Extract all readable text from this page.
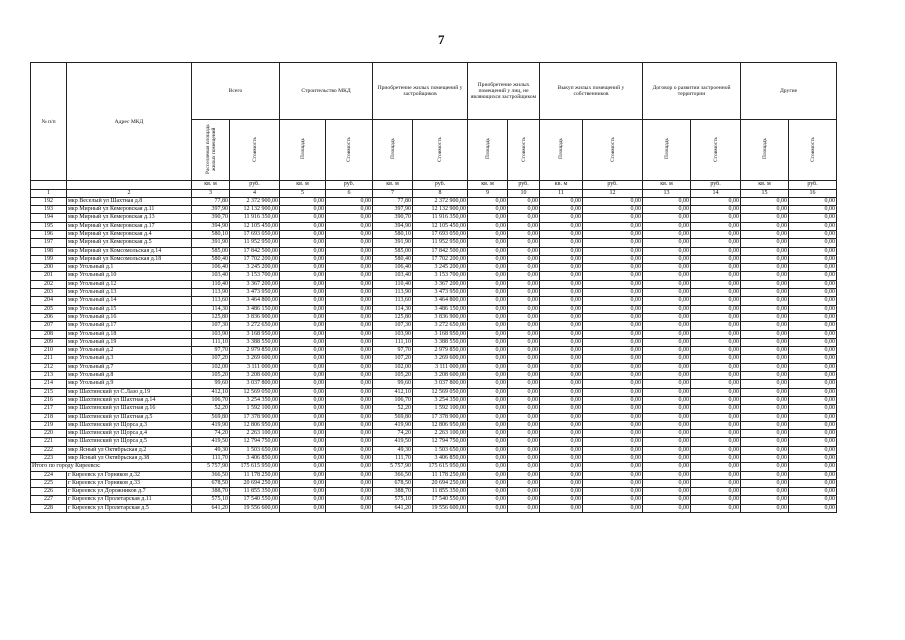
7
№ п/п	Адрес МКД	Всего		Строительство МКД		Приобретение жилых помещений у застройщиков		Приобретение жилых помещений у лиц, не являющихся застройщиком		Выкуп жилых помещений у собственников		Договор о развитии застроенной территории		Другие	
		Расселяемая площадь жилых помещений	Стоимость	Площадь	Стоимость	Площадь	Стоимость	Площадь	Стоимость	Площадь	Стоимость	Площадь	Стоимость	Площадь	Стоимость
		кв. м	руб.	кв. м	руб.	кв. м	руб.	кв. м	руб.	кв. м	руб.	кв. м	руб.	кв. м	руб.
1	2	3	4	5	6	7	8	9	10	11	12	13	14	15	16
192	мкр Веселый ул Шахтная д.8	77,80	2 372 900,00	0,00	0,00	77,80	2 372 900,00	0,00	0,00	0,00	0,00	0,00	0,00	0,00	0,00
193	мкр Мирный ул Кемеровская д.11	397,90	12 132 900,00	0,00	0,00	397,90	12 132 900,00	0,00	0,00	0,00	0,00	0,00	0,00	0,00	0,00
194	мкр Мирный ул Кемеровская д.13	390,70	11 916 350,00	0,00	0,00	390,70	11 916 350,00	0,00	0,00	0,00	0,00	0,00	0,00	0,00	0,00
195	мкр Мирный ул Кемеровская д.17	394,90	12 105 450,00	0,00	0,00	394,90	12 105 450,00	0,00	0,00	0,00	0,00	0,00	0,00	0,00	0,00
196	мкр Мирный ул Кемеровская д.4	580,10	17 693 050,00	0,00	0,00	580,10	17 693 050,00	0,00	0,00	0,00	0,00	0,00	0,00	0,00	0,00
197	мкр Мирный ул Кемеровская д.5	391,90	11 952 950,00	0,00	0,00	391,90	11 952 950,00	0,00	0,00	0,00	0,00	0,00	0,00	0,00	0,00
198	мкр Мирный ул Комсомольская д.14	585,00	17 842 500,00	0,00	0,00	585,00	17 842 500,00	0,00	0,00	0,00	0,00	0,00	0,00	0,00	0,00
199	мкр Мирный ул Комсомольская д.18	580,40	17 702 200,00	0,00	0,00	580,40	17 702 200,00	0,00	0,00	0,00	0,00	0,00	0,00	0,00	0,00
200	мкр Угольный д.1	106,40	3 245 200,00	0,00	0,00	106,40	3 245 200,00	0,00	0,00	0,00	0,00	0,00	0,00	0,00	0,00
201	мкр Угольный д.10	103,40	3 153 700,00	0,00	0,00	103,40	3 153 700,00	0,00	0,00	0,00	0,00	0,00	0,00	0,00	0,00
202	мкр Угольный д.12	110,40	3 367 200,00	0,00	0,00	110,40	3 367 200,00	0,00	0,00	0,00	0,00	0,00	0,00	0,00	0,00
203	мкр Угольный д.13	113,90	3 473 950,00	0,00	0,00	113,90	3 473 950,00	0,00	0,00	0,00	0,00	0,00	0,00	0,00	0,00
204	мкр Угольный д.14	113,60	3 464 800,00	0,00	0,00	113,60	3 464 800,00	0,00	0,00	0,00	0,00	0,00	0,00	0,00	0,00
205	мкр Угольный д.15	114,30	3 486 150,00	0,00	0,00	114,30	3 486 150,00	0,00	0,00	0,00	0,00	0,00	0,00	0,00	0,00
206	мкр Угольный д.16	125,80	3 836 900,00	0,00	0,00	125,80	3 836 900,00	0,00	0,00	0,00	0,00	0,00	0,00	0,00	0,00
207	мкр Угольный д.17	107,30	3 272 650,00	0,00	0,00	107,30	3 272 650,00	0,00	0,00	0,00	0,00	0,00	0,00	0,00	0,00
208	мкр Угольный д.18	103,90	3 168 950,00	0,00	0,00	103,90	3 168 950,00	0,00	0,00	0,00	0,00	0,00	0,00	0,00	0,00
209	мкр Угольный д.19	111,10	3 388 550,00	0,00	0,00	111,10	3 388 550,00	0,00	0,00	0,00	0,00	0,00	0,00	0,00	0,00
210	мкр Угольный д.2	97,70	2 979 850,00	0,00	0,00	97,70	2 979 850,00	0,00	0,00	0,00	0,00	0,00	0,00	0,00	0,00
211	мкр Угольный д.3	107,20	3 269 600,00	0,00	0,00	107,20	3 269 600,00	0,00	0,00	0,00	0,00	0,00	0,00	0,00	0,00
212	мкр Угольный д.7	102,00	3 111 000,00	0,00	0,00	102,00	3 111 000,00	0,00	0,00	0,00	0,00	0,00	0,00	0,00	0,00
213	мкр Угольный д.8	105,20	3 208 600,00	0,00	0,00	105,20	3 208 600,00	0,00	0,00	0,00	0,00	0,00	0,00	0,00	0,00
214	мкр Угольный д.9	99,60	3 037 800,00	0,00	0,00	99,60	3 037 800,00	0,00	0,00	0,00	0,00	0,00	0,00	0,00	0,00
215	мкр Шахтинский ул С.Лазо д.19	412,10	12 569 050,00	0,00	0,00	412,10	12 569 050,00	0,00	0,00	0,00	0,00	0,00	0,00	0,00	0,00
216	мкр Шахтинский ул Шахтная д.14	106,70	3 254 350,00	0,00	0,00	106,70	3 254 350,00	0,00	0,00	0,00	0,00	0,00	0,00	0,00	0,00
217	мкр Шахтинский ул Шахтная д.16	52,20	1 592 100,00	0,00	0,00	52,20	1 592 100,00	0,00	0,00	0,00	0,00	0,00	0,00	0,00	0,00
218	мкр Шахтинский ул Шахтная д.5	569,80	17 378 900,00	0,00	0,00	569,80	17 378 900,00	0,00	0,00	0,00	0,00	0,00	0,00	0,00	0,00
219	мкр Шахтинский ул Щорса д.3	419,90	12 806 950,00	0,00	0,00	419,90	12 806 950,00	0,00	0,00	0,00	0,00	0,00	0,00	0,00	0,00
220	мкр Шахтинский ул Щорса д.4	74,20	2 263 100,00	0,00	0,00	74,20	2 263 100,00	0,00	0,00	0,00	0,00	0,00	0,00	0,00	0,00
221	мкр Шахтинский ул Щорса д.5	419,50	12 794 750,00	0,00	0,00	419,50	12 794 750,00	0,00	0,00	0,00	0,00	0,00	0,00	0,00	0,00
222	мкр Ясный ул Октябрьская д.2	49,30	1 503 650,00	0,00	0,00	49,30	1 503 650,00	0,00	0,00	0,00	0,00	0,00	0,00	0,00	0,00
223	мкр Ясный ул Октябрьская д.38	111,70	3 406 850,00	0,00	0,00	111,70	3 406 850,00	0,00	0,00	0,00	0,00	0,00	0,00	0,00	0,00
Итого по городу Киреевск:		5 757,90	175 615 950,00	0,00	0,00	5 757,90	175 615 950,00	0,00	0,00	0,00	0,00	0,00	0,00	0,00	0,00
224	г Киреевск ул Горняков д.32	366,50	11 178 250,00	0,00	0,00	366,50	11 178 250,00	0,00	0,00	0,00	0,00	0,00	0,00	0,00	0,00
225	г Киреевск ул Горняков д.33	678,50	20 694 250,00	0,00	0,00	678,50	20 694 250,00	0,00	0,00	0,00	0,00	0,00	0,00	0,00	0,00
226	г Киреевск ул Дорожников д.7	388,70	11 855 350,00	0,00	0,00	388,70	11 855 350,00	0,00	0,00	0,00	0,00	0,00	0,00	0,00	0,00
227	г Киреевск ул Пролетарская д.11	575,10	17 540 550,00	0,00	0,00	575,10	17 540 550,00	0,00	0,00	0,00	0,00	0,00	0,00	0,00	0,00
228	г Киреевск ул Пролетарская д.5	641,20	19 556 600,00	0,00	0,00	641,20	19 556 600,00	0,00	0,00	0,00	0,00	0,00	0,00	0,00	0,00
